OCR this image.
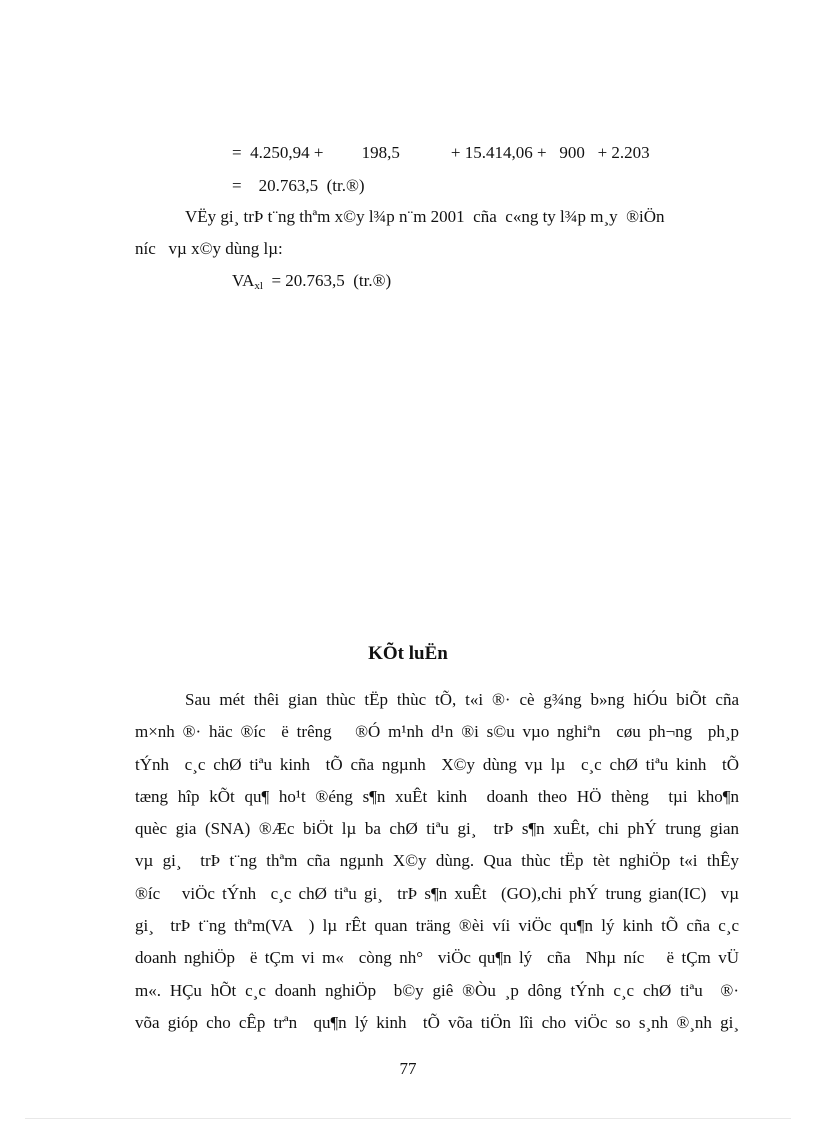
=  4.250,94 +         198,5            + 15.414,06 +   900   + 2.203
=    20.763,5  (tr.®)
VËy gi¸ trÞ t¨ng thªm x©y l¾p n¨m 2001  cña  c«ng ty l¾p m¸y  ®iÖn
níc   vµ x©y dùng lµ:
$VA_{xl} = 20.763,5$  (tr.®)
KÕt luËn
Sau mét thêi gian thùc tËp thùc tÕ, t«i ®· cè g¾ng b»ng hiÓu biÕt cña
m×nh ®· häc ®íc  ë trêng   ®Ó m¹nh d¹n ®i s©u vµo nghiªn  cøu ph¬ng  ph¸p
tÝnh  c¸c chØ tiªu kinh  tÕ cña ngµnh  X©y dùng vµ lµ  c¸c chØ tiªu kinh  tÕ
tæng hîp kÕt qu¶ ho¹t ®éng s¶n xuÊt kinh  doanh theo HÖ thèng  tµi kho¶n
quèc gia (SNA) ®Æc biÖt lµ ba chØ tiªu gi¸  trÞ s¶n xuÊt, chi phÝ trung gian
vµ gi¸  trÞ t¨ng thªm cña ngµnh X©y dùng. Qua thùc tËp tèt nghiÖp t«i thÊy
®íc   viÖc tÝnh  c¸c chØ tiªu gi¸  trÞ s¶n xuÊt  (GO),chi phÝ trung gian(IC)  vµ
gi¸  trÞ t¨ng thªm(VA  ) lµ rÊt quan träng ®èi víi viÖc qu¶n lý kinh tÕ cña c¸c
doanh nghiÖp  ë tÇm vi m«  còng nh°  viÖc qu¶n lý  cña  Nhµ níc   ë tÇm vÜ
m«. HÇu hÕt c¸c doanh nghiÖp  b©y giê ®Òu ¸p dông tÝnh c¸c chØ tiªu  ®·
võa gióp cho cÊp trªn  qu¶n lý kinh  tÕ võa tiÖn lîi cho viÖc so s¸nh ®¸nh gi¸
77
